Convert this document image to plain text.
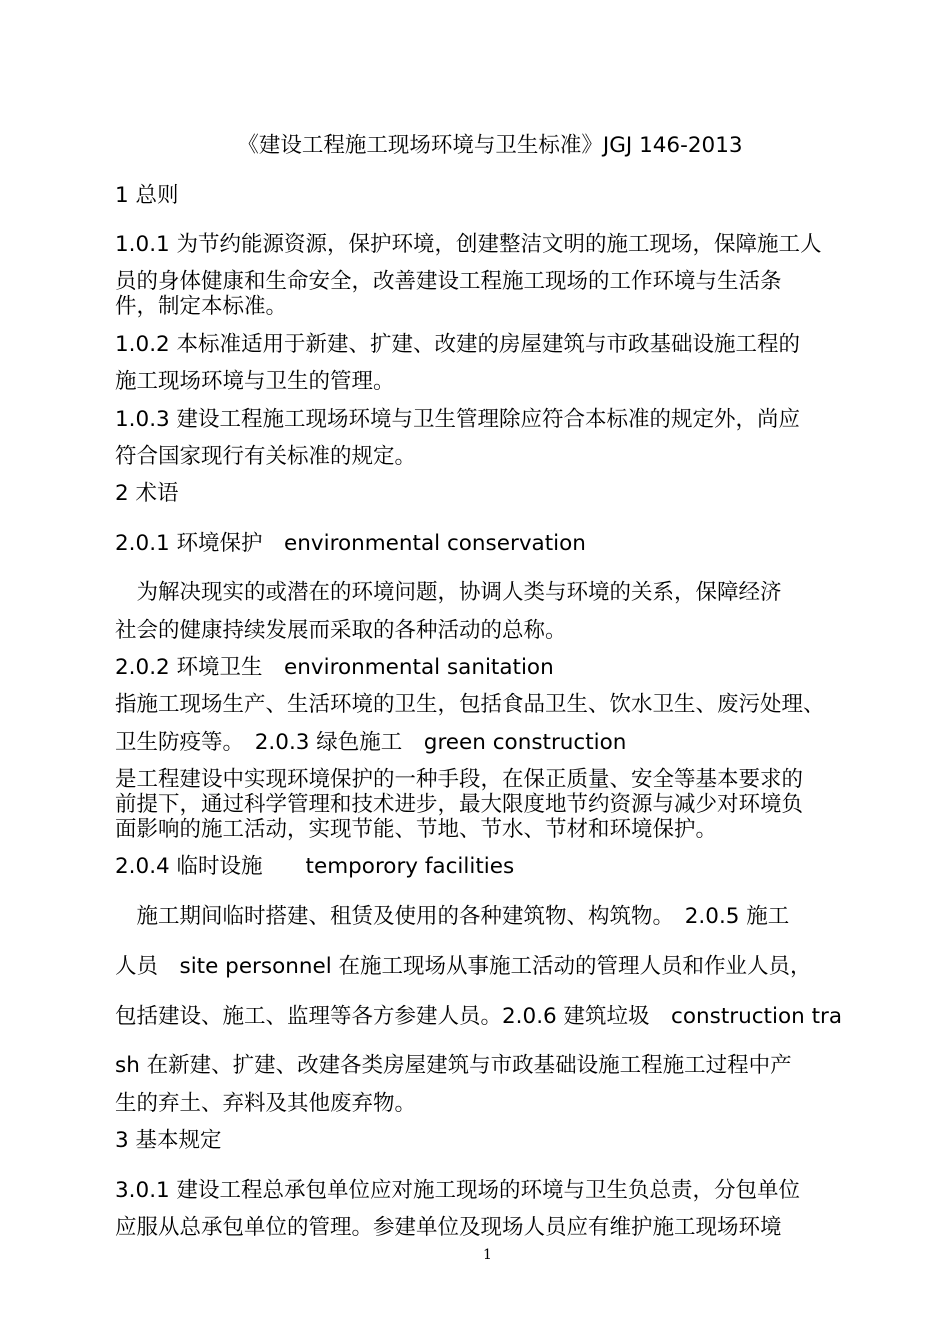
《建设工程施工现场环境与卫生标准》JGJ 146-2013
1 总则
1.0.1 为节约能源资源，保护环境，创建整洁文明的施工现场，保障施工人
员的身体健康和生命安全，改善建设工程施工现场的工作环境与生活条
件，制定本标准。
1.0.2 本标准适用于新建、扩建、改建的房屋建筑与市政基础设施工程的
施工现场环境与卫生的管理。
1.0.3 建设工程施工现场环境与卫生管理除应符合本标准的规定外，尚应
符合国家现行有关标准的规定。
2 术语
2.0.1 环境保护　environmental conservation
　为解决现实的或潜在的环境问题，协调人类与环境的关系，保障经济
社会的健康持续发展而采取的各种活动的总称。
2.0.2 环境卫生　environmental sanitation
指施工现场生产、生活环境的卫生，包括食品卫生、饮水卫生、废污处理、
卫生防疫等。　2.0.3 绿色施工　green construction
是工程建设中实现环境保护的一种手段，在保正质量、安全等基本要求的
前提下，通过科学管理和技术进步，最大限度地节约资源与减少对环境负
面影响的施工活动，实现节能、节地、节水、节材和环境保护。
2.0.4 临时设施　　temporory facilities
　施工期间临时搭建、租赁及使用的各种建筑物、构筑物。　2.0.5 施工
人员　site personnel 在施工现场从事施工活动的管理人员和作业人员，
包括建设、施工、监理等各方参建人员。2.0.6 建筑垃圾　construction tra
sh 在新建、扩建、改建各类房屋建筑与市政基础设施工程施工过程中产
生的弃土、弃料及其他废弃物。
3 基本规定
3.0.1 建设工程总承包单位应对施工现场的环境与卫生负总责，分包单位
应服从总承包单位的管理。参建单位及现场人员应有维护施工现场环境
1
